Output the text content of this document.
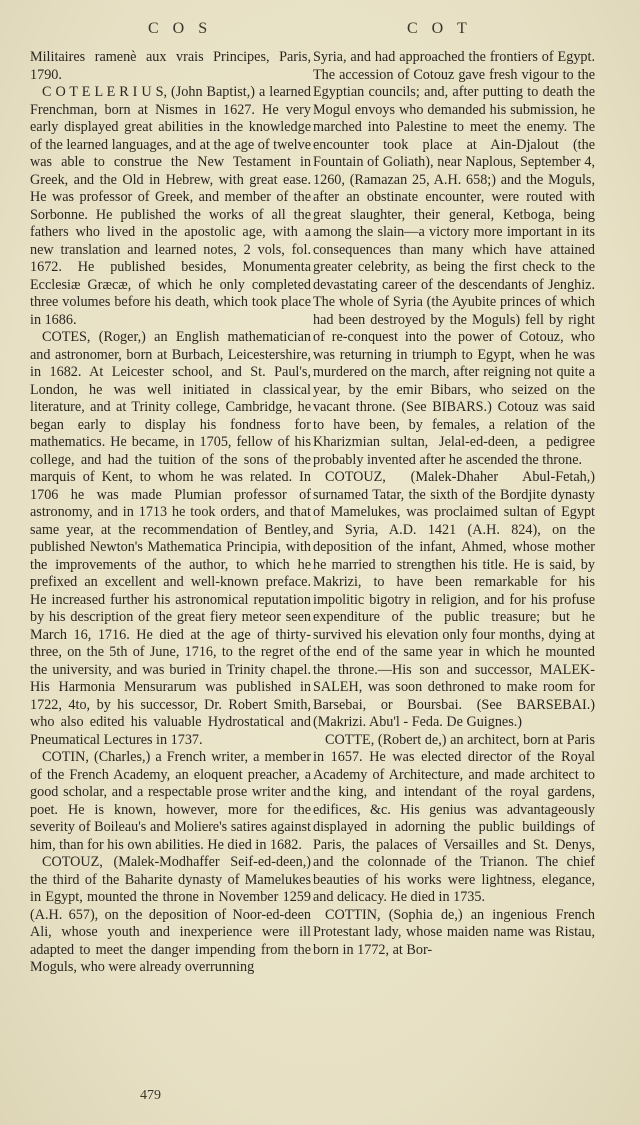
C O S	C O T

Militaires ramenè aux vrais Principes, Paris, 1790.

C O T E L E R I U S, (John Baptist,) a learned Frenchman, born at Nismes in 1627. He very early displayed great abilities in the knowledge of the learned languages, and at the age of twelve was able to construe the New Testament in Greek, and the Old in Hebrew, with great ease. He was professor of Greek, and member of the Sorbonne. He published the works of all the fathers who lived in the apostolic age, with a new translation and learned notes, 2 vols, fol. 1672. He published besides, Monumenta Ecclesiæ Græcæ, of which he only completed three volumes before his death, which took place in 1686.

COTES, (Roger,) an English mathematician and astronomer, born at Burbach, Leicestershire, in 1682. At Leicester school, and St. Paul's, London, he was well initiated in classical literature, and at Trinity college, Cambridge, he began early to display his fondness for mathematics. He became, in 1705, fellow of his college, and had the tuition of the sons of the marquis of Kent, to whom he was related. In 1706 he was made Plumian professor of astronomy, and in 1713 he took orders, and that same year, at the recommendation of Bentley, published Newton's Mathematica Principia, with the improvements of the author, to which he prefixed an excellent and well-known preface. He increased further his astronomical reputation by his description of the great fiery meteor seen March 16, 1716. He died at the age of thirty-three, on the 5th of June, 1716, to the regret of the university, and was buried in Trinity chapel. His Harmonia Mensurarum was published in 1722, 4to, by his successor, Dr. Robert Smith, who also edited his valuable Hydrostatical and Pneumatical Lectures in 1737.

COTIN, (Charles,) a French writer, a member of the French Academy, an eloquent preacher, a good scholar, and a respectable prose writer and poet. He is known, however, more for the severity of Boileau's and Moliere's satires against him, than for his own abilities. He died in 1682.

COTOUZ, (Malek-Modhaffer Seif-ed-deen,) the third of the Baharite dynasty of Mamelukes in Egypt, mounted the throne in November 1259 (A.H. 657), on the deposition of Noor-ed-deen Ali, whose youth and inexperience were ill adapted to meet the danger impending from the Moguls, who were already overrunning

Syria, and had approached the frontiers of Egypt. The accession of Cotouz gave fresh vigour to the Egyptian councils; and, after putting to death the Mogul envoys who demanded his submission, he marched into Palestine to meet the enemy. The encounter took place at Ain-Djalout (the Fountain of Goliath), near Naplous, September 4, 1260, (Ramazan 25, A.H. 658;) and the Moguls, after an obstinate encounter, were routed with great slaughter, their general, Ketboga, being among the slain—a victory more important in its consequences than many which have attained greater celebrity, as being the first check to the devastating career of the descendants of Jenghiz. The whole of Syria (the Ayubite princes of which had been destroyed by the Moguls) fell by right of re-conquest into the power of Cotouz, who was returning in triumph to Egypt, when he was murdered on the march, after reigning not quite a year, by the emir Bibars, who seized on the vacant throne. (See BIBARS.) Cotouz was said to have been, by females, a relation of the Kharizmian sultan, Jelal-ed-deen, a pedigree probably invented after he ascended the throne.

COTOUZ, (Malek-Dhaher Abul-Fetah,) surnamed Tatar, the sixth of the Bordjite dynasty of Mamelukes, was proclaimed sultan of Egypt and Syria, A.D. 1421 (A.H. 824), on the deposition of the infant, Ahmed, whose mother he married to strengthen his title. He is said, by Makrizi, to have been remarkable for his impolitic bigotry in religion, and for his profuse expenditure of the public treasure; but he survived his elevation only four months, dying at the end of the same year in which he mounted the throne.—His son and successor, MALEK-SALEH, was soon dethroned to make room for Barsebai, or Boursbai. (See BARSEBAI.) (Makrizi. Abu'l - Feda. De Guignes.)

COTTE, (Robert de,) an architect, born at Paris in 1657. He was elected director of the Royal Academy of Architecture, and made architect to the king, and intendant of the royal gardens, edifices, &c. His genius was advantageously displayed in adorning the public buildings of Paris, the palaces of Versailles and St. Denys, and the colonnade of the Trianon. The chief beauties of his works were lightness, elegance, and delicacy. He died in 1735.

COTTIN, (Sophia de,) an ingenious French Protestant lady, whose maiden name was Ristau, born in 1772, at Bor-

479
